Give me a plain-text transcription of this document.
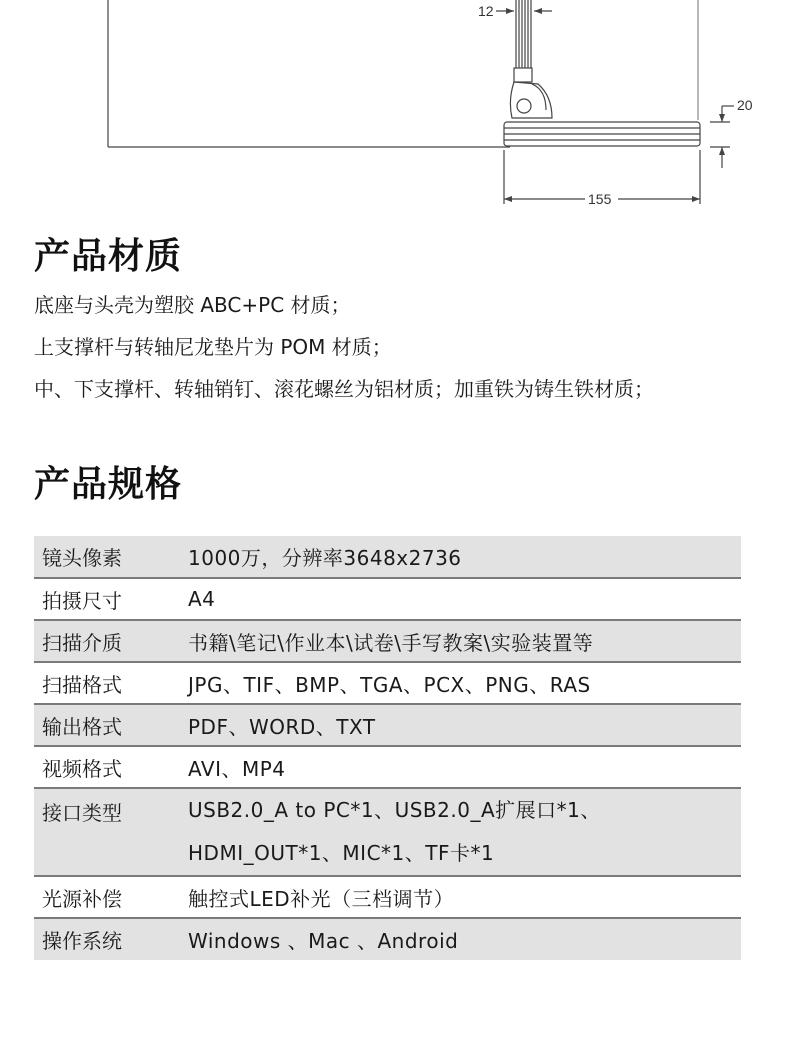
12
20
155
产品材质
底座与头壳为塑胶 ABC+PC 材质；
上支撑杆与转轴尼龙垫片为 POM 材质；
中、下支撑杆、转轴销钉、滚花螺丝为铝材质；加重铁为铸生铁材质；
产品规格
镜头像素	1000万，分辨率3648x2736
拍摄尺寸	A4
扫描介质	书籍\笔记\作业本\试卷\手写教案\实验装置等
扫描格式	JPG、TIF、BMP、TGA、PCX、PNG、RAS
输出格式	PDF、WORD、TXT
视频格式	AVI、MP4
接口类型	USB2.0_A to PC*1、USB2.0_A扩展口*1、
HDMI_OUT*1、MIC*1、TF卡*1

光源补偿	触控式LED补光（三档调节）
操作系统	Windows 、Mac 、Android
